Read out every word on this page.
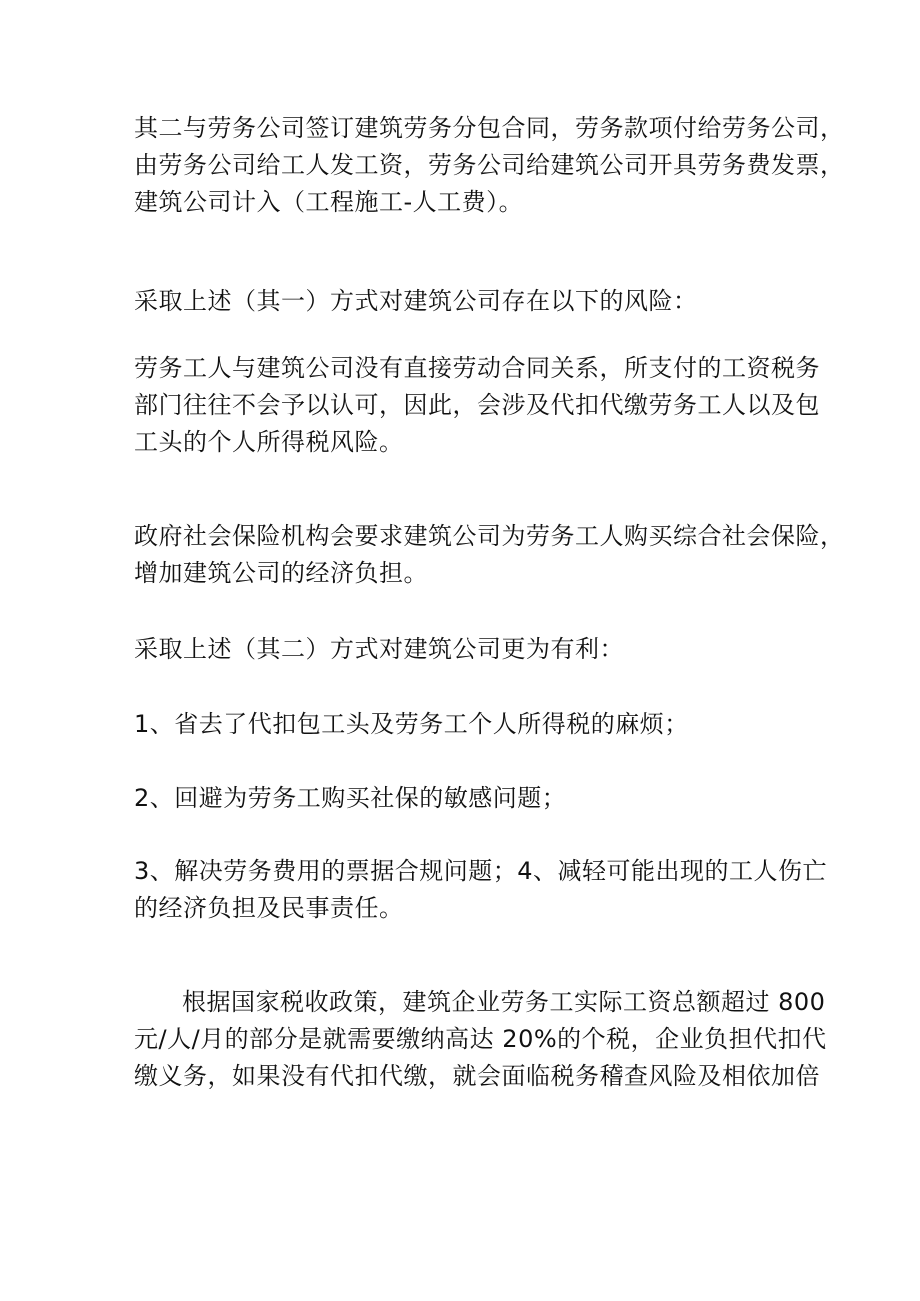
其二与劳务公司签订建筑劳务分包合同，劳务款项付给劳务公司，
由劳务公司给工人发工资，劳务公司给建筑公司开具劳务费发票，
建筑公司计入（工程施工-人工费）。

采取上述（其一）方式对建筑公司存在以下的风险：

劳务工人与建筑公司没有直接劳动合同关系，所支付的工资税务
部门往往不会予以认可，因此，会涉及代扣代缴劳务工人以及包
工头的个人所得税风险。

政府社会保险机构会要求建筑公司为劳务工人购买综合社会保险，
增加建筑公司的经济负担。

采取上述（其二）方式对建筑公司更为有利：

1、省去了代扣包工头及劳务工个人所得税的麻烦；

2、回避为劳务工购买社保的敏感问题；

3、解决劳务费用的票据合规问题；4、减轻可能出现的工人伤亡
的经济负担及民事责任。

根据国家税收政策，建筑企业劳务工实际工资总额超过 800
元/人/月的部分是就需要缴纳高达 20%的个税，企业负担代扣代
缴义务，如果没有代扣代缴，就会面临税务稽查风险及相依加倍
